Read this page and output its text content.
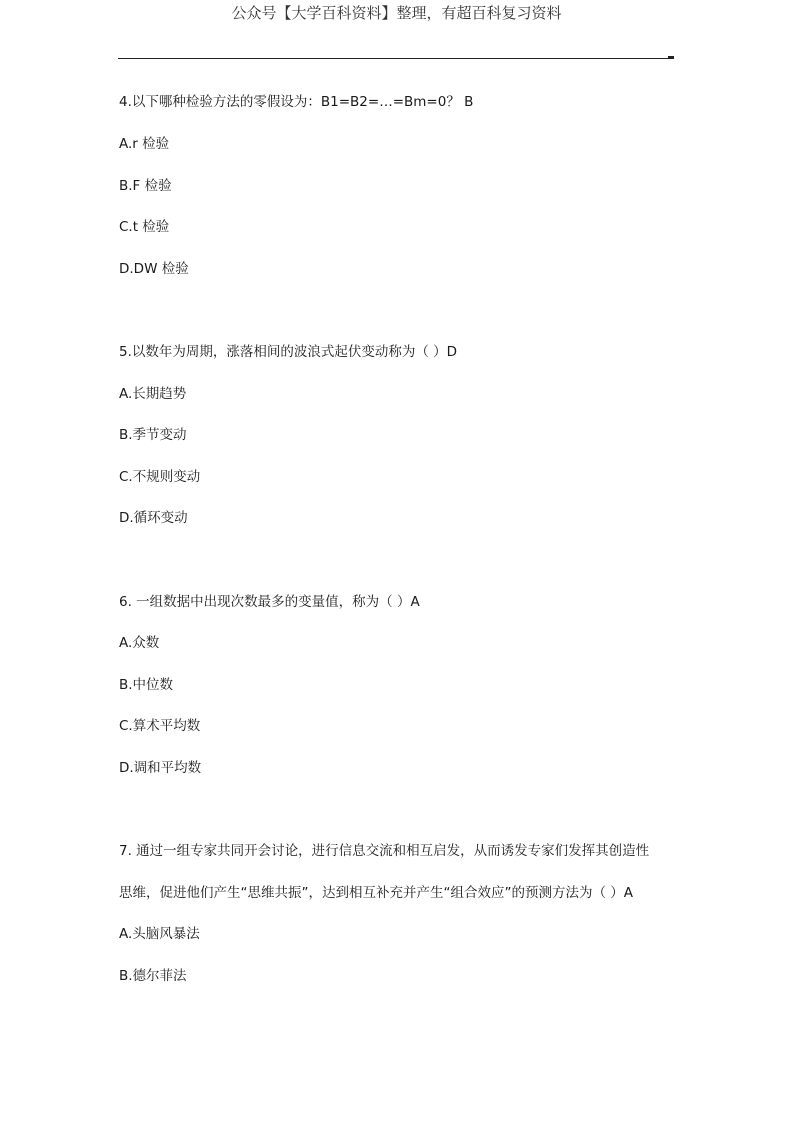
公众号【大学百科资料】整理，有超百科复习资料
4.以下哪种检验方法的零假设为：B1=B2=…=Bm=0？ B
A.r 检验
B.F 检验
C.t 检验
D.DW 检验
5.以数年为周期，涨落相间的波浪式起伏变动称为（ ）D
A.长期趋势
B.季节变动
C.不规则变动
D.循环变动
6. 一组数据中出现次数最多的变量值，称为（ ）A
A.众数
B.中位数
C.算术平均数
D.调和平均数
7. 通过一组专家共同开会讨论，进行信息交流和相互启发，从而诱发专家们发挥其创造性
思维，促进他们产生“思维共振”，达到相互补充并产生“组合效应”的预测方法为（ ）A
A.头脑风暴法
B.德尔菲法
